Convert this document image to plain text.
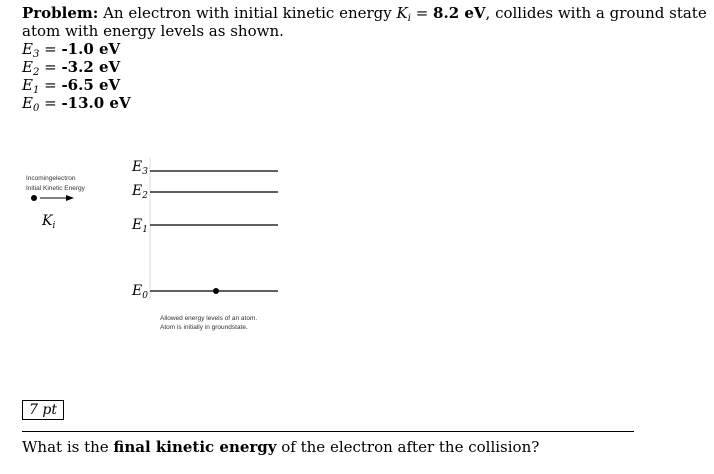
Problem: An electron with initial kinetic energy $K_i = 8.2$ eV, collides with a ground state atom with energy levels as shown.
$E_3 = -1.0$ eV
$E_2 = -3.2$ eV
$E_1 = -6.5$ eV
$E_0 = -13.0$ eV
Incomingelectron
Initial Kinetic Energy
$K_i$
$E_3$
$E_2$
$E_1$
$E_0$
Allowed energy levels of an atom.
Atom is initially in groundstate.
7 pt
What is the final kinetic energy of the electron after the collision?
